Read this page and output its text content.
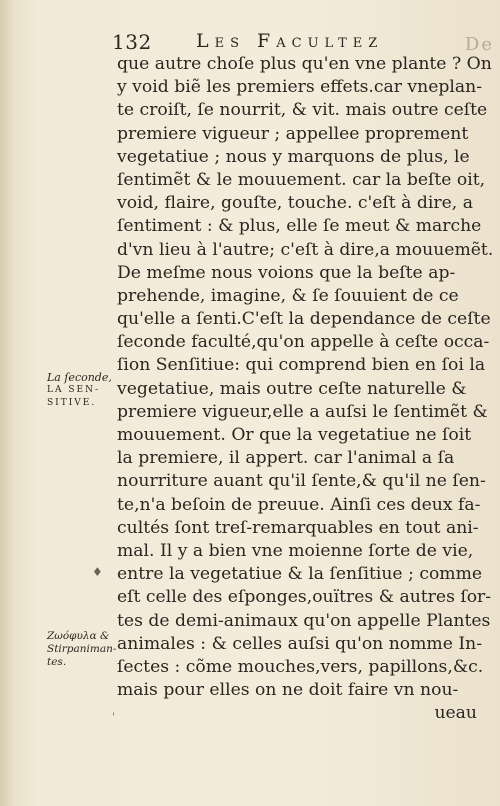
132 Les Facultez	De
que autre choſe plus qu'en vne plante ? On
y void biẽ les premiers effets.car vneplan-
te croiſt, ſe nourrit, & vit. mais outre ceſte
premiere vigueur ; appellee proprement
vegetatiue ; nous y marquons de plus, le
ſentimẽt & le mouuement. car la beſte oit,
void, flaire, gouſte, touche. c'eſt à dire, a
ſentiment : & plus, elle ſe meut & marche
d'vn lieu à l'autre; c'eſt à dire,a mouuemẽt.
De meſme nous voions que la beſte ap-
prehende, imagine, & ſe ſouuient de ce
qu'elle a ſenti.C'eſt la dependance de ceſte
ſeconde faculté,qu'on appelle à ceſte occa-
ſion Senſitiue: qui comprend bien en ſoi la
vegetatiue, mais outre ceſte naturelle &
premiere vigueur,elle a auſsi le ſentimẽt &
mouuement. Or que la vegetatiue ne ſoit
la premiere, il appert. car l'animal a ſa
nourriture auant qu'il ſente,& qu'il ne ſen-
te,n'a beſoin de preuue. Ainſi ces deux fa-
cultés ſont treſ-remarquables en tout ani-
mal. Il y a bien vne moienne ſorte de vie,
entre la vegetatiue & la ſenſitiue ; comme
eſt celle des eſponges,ouïtres & autres ſor-
tes de demi-animaux qu'on appelle Plantes
animales : & celles auſsi qu'on nomme In-
ſectes : cõme mouches,vers, papillons,&c.
mais pour elles on ne doit faire vn nou-
ueau
La ſeconde,
LA SEN-
SITIVE.
♦
Ζωόφυλα &
Stirpaniman-
tes.
'
